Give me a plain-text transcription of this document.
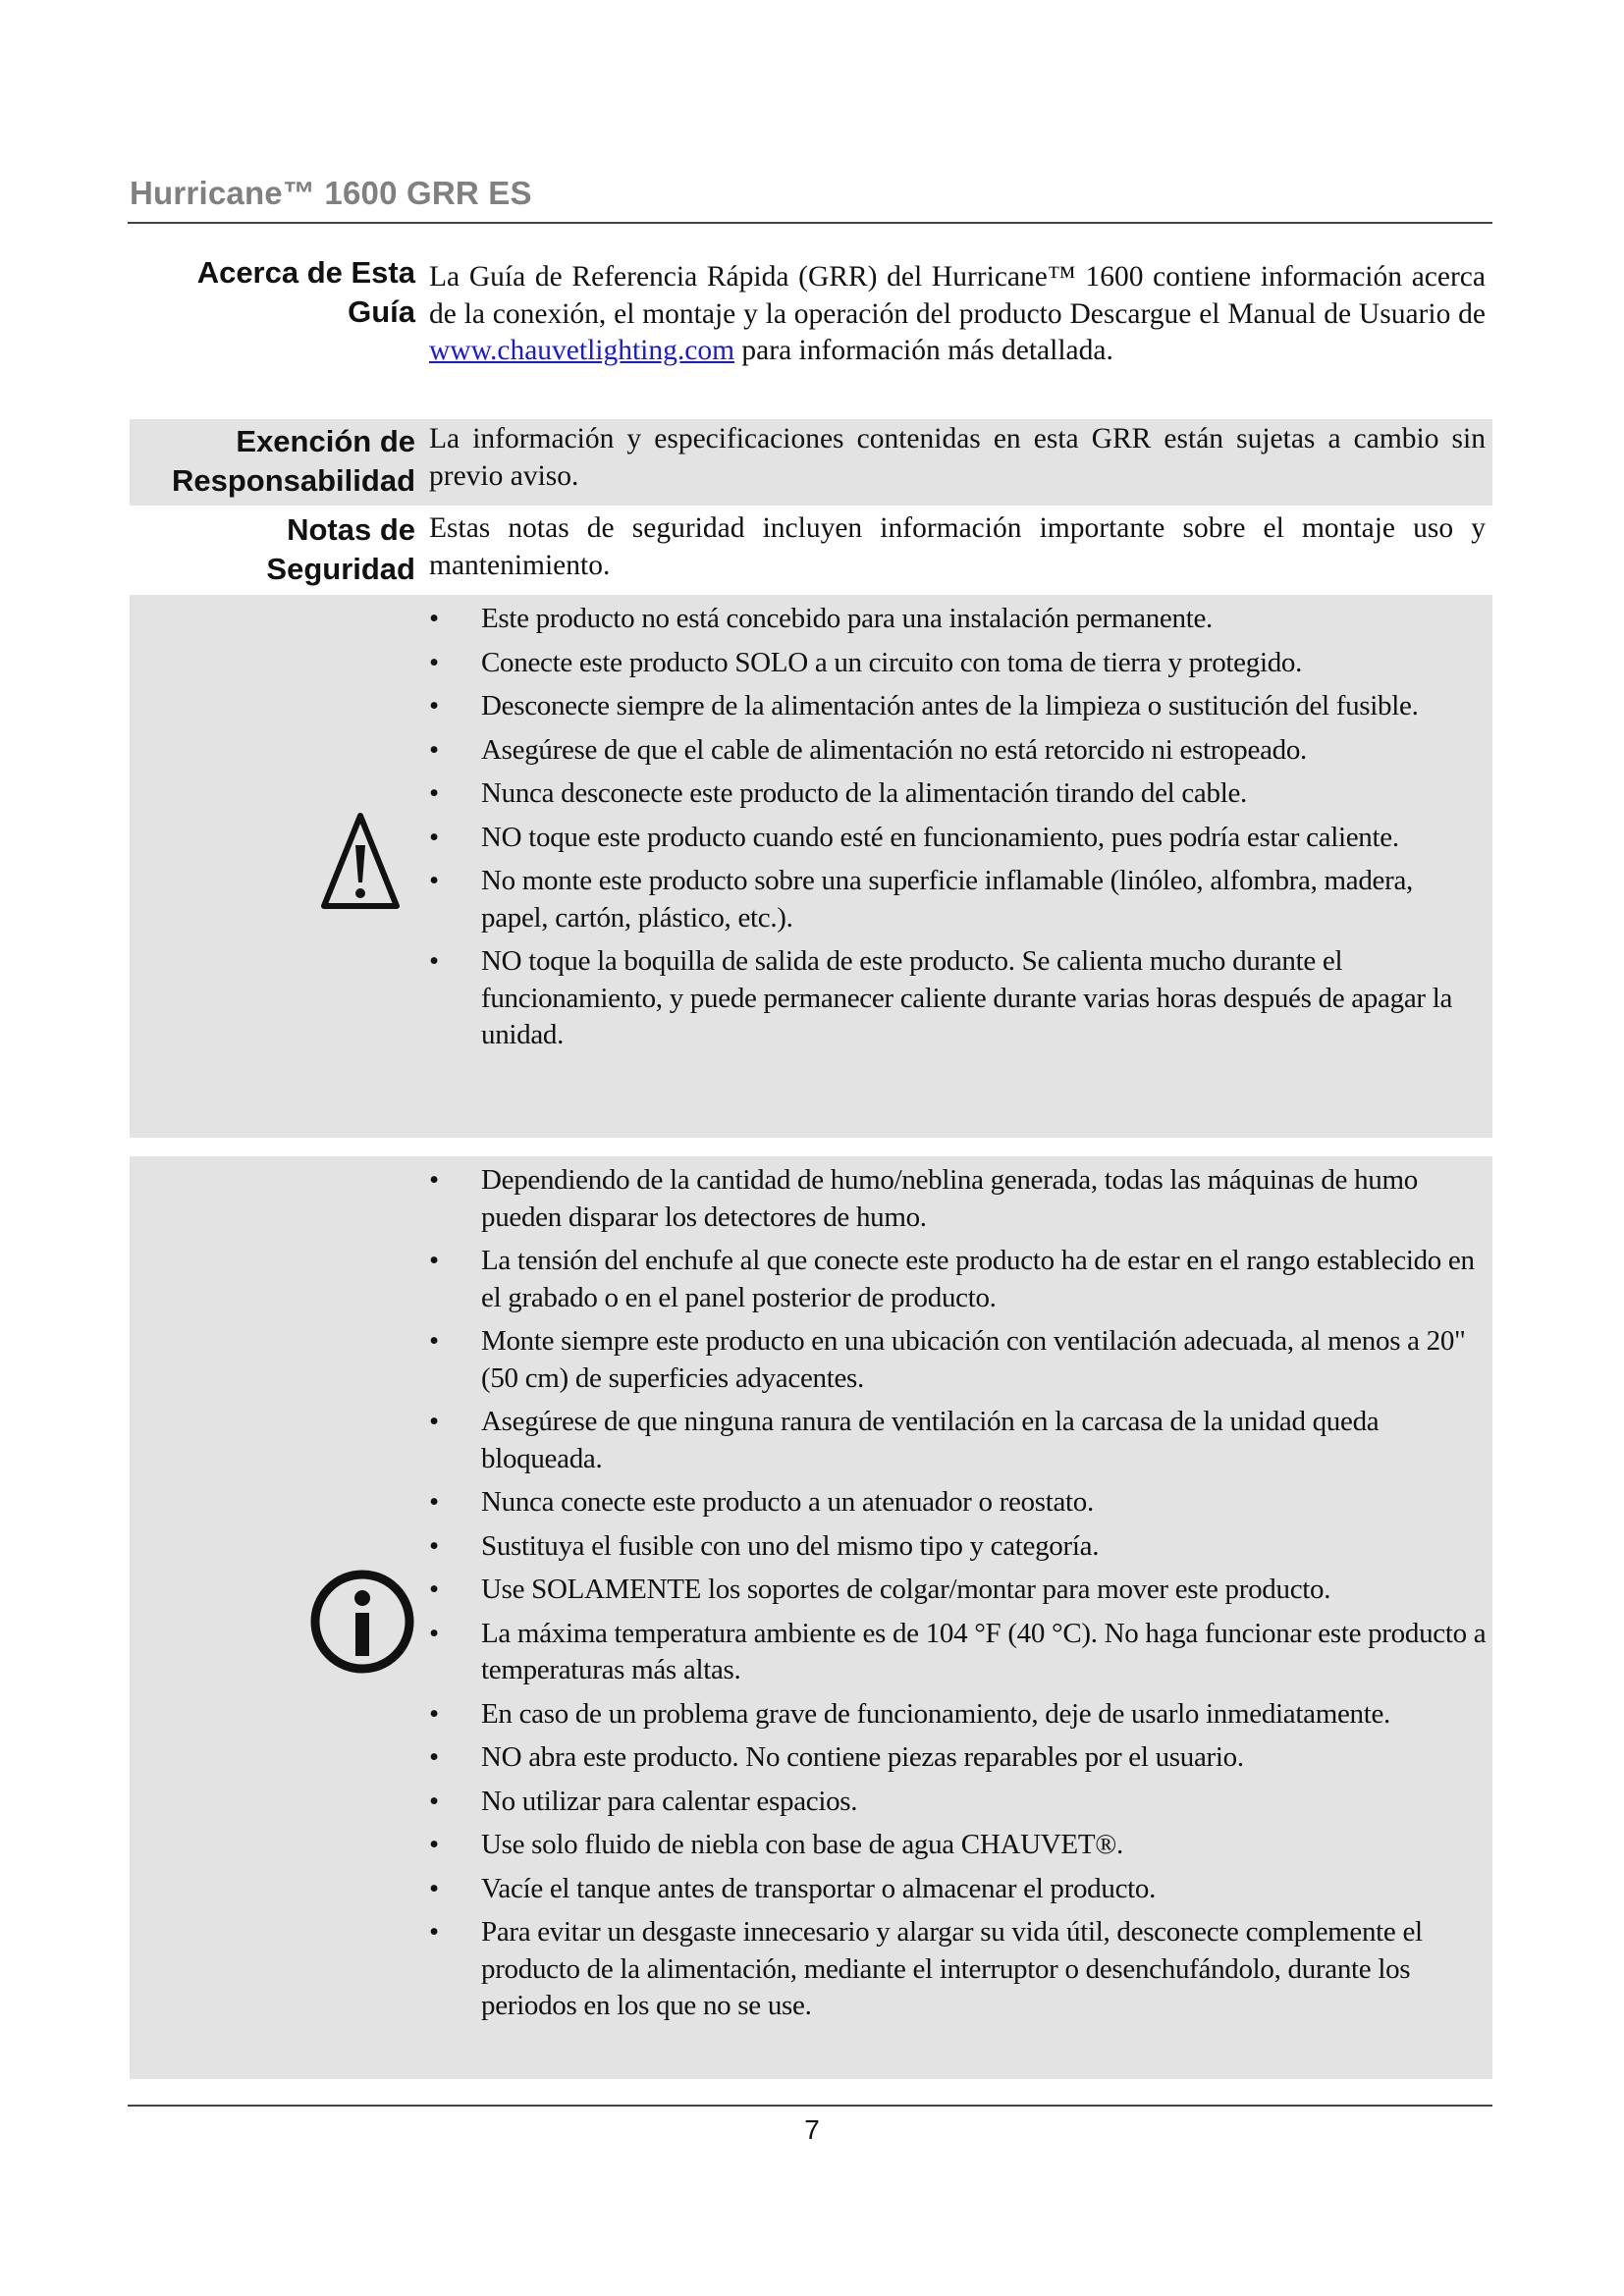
Hurricane™ 1600 GRR ES
Acerca de Esta
Guía
La Guía de Referencia Rápida (GRR) del Hurricane™ 1600 contiene información acerca de la conexión, el montaje y la operación del producto Descargue el Manual de Usuario de www.chauvetlighting.com para información más detallada.
Exención de
Responsabilidad
La información y especificaciones contenidas en esta GRR están sujetas a cambio sin previo aviso.
Notas de
Seguridad
Estas notas de seguridad incluyen información importante sobre el montaje uso y mantenimiento.
•	Este producto no está concebido para una instalación permanente.
•	Conecte este producto SOLO a un circuito con toma de tierra y protegido.
•	Desconecte siempre de la alimentación antes de la limpieza o sustitución del fusible.
•	Asegúrese de que el cable de alimentación no está retorcido ni estropeado.
•	Nunca desconecte este producto de la alimentación tirando del cable.
•	NO toque este producto cuando esté en funcionamiento, pues podría estar caliente.
•	No monte este producto sobre una superficie inflamable (linóleo, alfombra, madera, papel, cartón, plástico, etc.).
•	NO toque la boquilla de salida de este producto. Se calienta mucho durante el funcionamiento, y puede permanecer caliente durante varias horas después de apagar la unidad.
•	Dependiendo de la cantidad de humo/neblina generada, todas las máquinas de humo pueden disparar los detectores de humo.
•	La tensión del enchufe al que conecte este producto ha de estar en el rango establecido en el grabado o en el panel posterior de producto.
•	Monte siempre este producto en una ubicación con ventilación adecuada, al menos a 20" (50 cm) de superficies adyacentes.
•	Asegúrese de que ninguna ranura de ventilación en la carcasa de la unidad queda bloqueada.
•	Nunca conecte este producto a un atenuador o reostato.
•	Sustituya el fusible con uno del mismo tipo y categoría.
•	Use SOLAMENTE los soportes de colgar/montar para mover este producto.
•	La máxima temperatura ambiente es de 104 °F (40 °C). No haga funcionar este producto a temperaturas más altas.
•	En caso de un problema grave de funcionamiento, deje de usarlo inmediatamente.
•	NO abra este producto. No contiene piezas reparables por el usuario.
•	No utilizar para calentar espacios.
•	Use solo fluido de niebla con base de agua CHAUVET®.
•	Vacíe el tanque antes de transportar o almacenar el producto.
•	Para evitar un desgaste innecesario y alargar su vida útil, desconecte complemente el producto de la alimentación, mediante el interruptor o desenchufándolo, durante los periodos en los que no se use.
7
